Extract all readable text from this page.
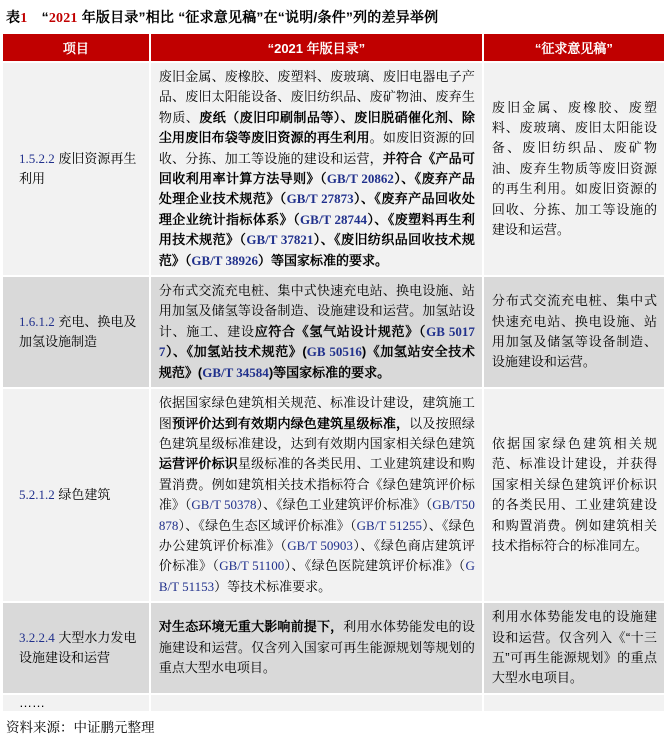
表1　“2021 年版目录”相比 “征求意见稿”在“说明/条件”列的差异举例
项目	“2021 年版目录”	“征求意见稿”
1.5.2.2 废旧资源再生利用	废旧金属、废橡胶、废塑料、废玻璃、废旧电器电子产品、废旧太阳能设备、废旧纺织品、废矿物油、废弃生物质、废纸（废旧印刷制品等）、废旧脱硝催化剂、除尘用废旧布袋等废旧资源的再生利用。如废旧资源的回收、分拣、加工等设施的建设和运营，并符合《产品可回收利用率计算方法导则》（GB/T 20862）、《废弃产品处理企业技术规范》（GB/T 27873）、《废弃产品回收处理企业统计指标体系》（GB/T 28744）、《废塑料再生利用技术规范》（GB/T 37821）、《废旧纺织品回收技术规范》（GB/T 38926）等国家标准的要求。	废旧金属、废橡胶、废塑料、废玻璃、废旧太阳能设备、废旧纺织品、废矿物油、废弃生物质等废旧资源的再生利用。如废旧资源的回收、分拣、加工等设施的建设和运营。
1.6.1.2 充电、换电及加氢设施制造	分布式交流充电桩、集中式快速充电站、换电设施、站用加氢及储氢等设备制造、设施建设和运营。加氢站设计、施工、建设应符合《氢气站设计规范》（GB 50177）、《加氢站技术规范》(GB 50516)《加氢站安全技术规范》(GB/T 34584)等国家标准的要求。	分布式交流充电桩、集中式快速充电站、换电设施、站用加氢及储氢等设备制造、设施建设和运营。
5.2.1.2 绿色建筑	依据国家绿色建筑相关规范、标准设计建设，建筑施工图预评价达到有效期内绿色建筑星级标准，以及按照绿色建筑星级标准建设，达到有效期内国家相关绿色建筑运营评价标识星级标准的各类民用、工业建筑建设和购置消费。例如建筑相关技术指标符合《绿色建筑评价标准》（GB/T 50378）、《绿色工业建筑评价标准》（GB/T50878）、《绿色生态区域评价标准》（GB/T 51255）、《绿色办公建筑评价标准》（GB/T 50903）、《绿色商店建筑评价标准》（GB/T 51100）、《绿色医院建筑评价标准》（GB/T 51153）等技术标准要求。	依据国家绿色建筑相关规范、标准设计建设，并获得国家相关绿色建筑评价标识的各类民用、工业建筑建设和购置消费。例如建筑相关技术指标符合的标准同左。
3.2.2.4 大型水力发电设施建设和运营	对生态环境无重大影响前提下，利用水体势能发电的设施建设和运营。仅含列入国家可再生能源规划等规划的重点大型水电项目。	利用水体势能发电的设施建设和运营。仅含列入《“十三五”可再生能源规划》的重点大型水电项目。
……		
资料来源：中证鹏元整理
